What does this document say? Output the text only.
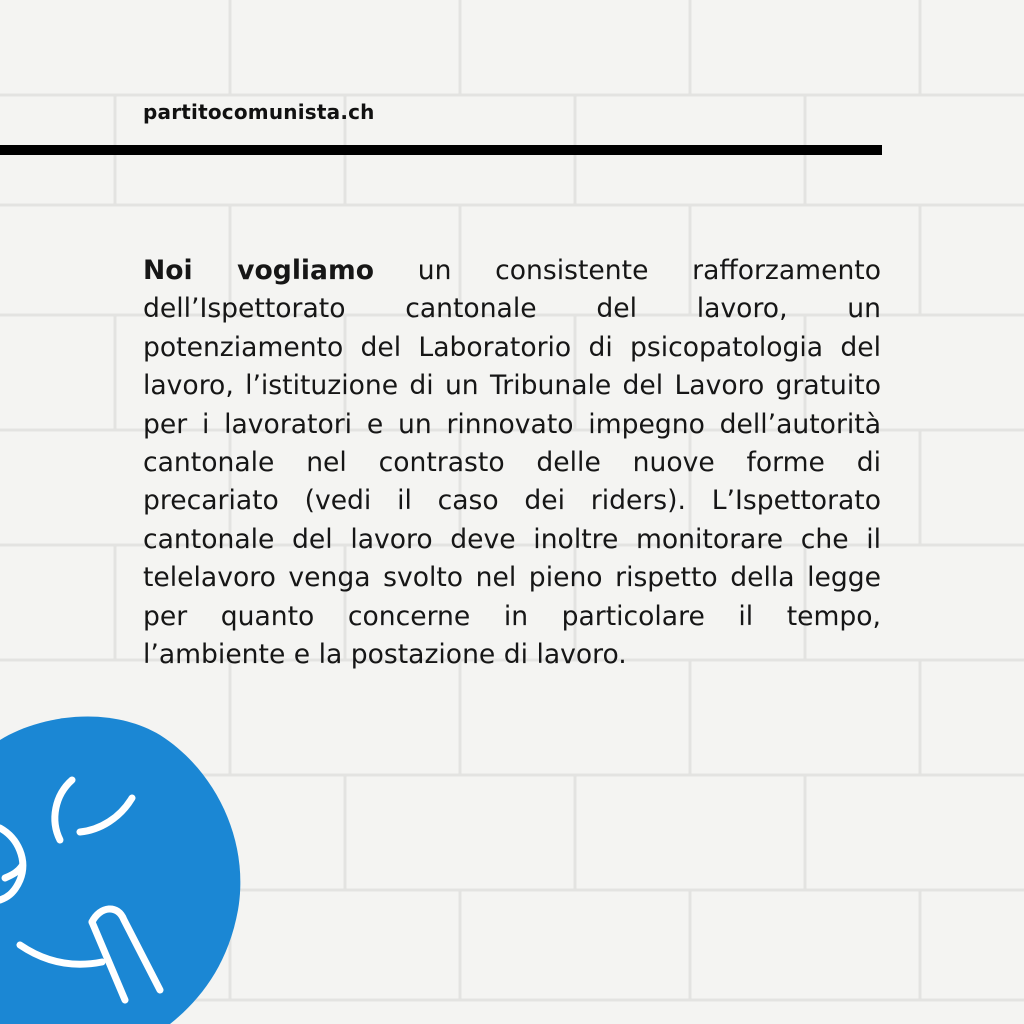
partitocomunista.ch

Noi vogliamo un consistente rafforzamento dell’Ispettorato cantonale del lavoro, un potenziamento del Laboratorio di psicopatologia del lavoro, l’istituzione di un Tribunale del Lavoro gratuito per i lavoratori e un rinnovato impegno dell’autorità cantonale nel contrasto delle nuove forme di precariato (vedi il caso dei riders). L’Ispettorato cantonale del lavoro deve inoltre monitorare che il telelavoro venga svolto nel pieno rispetto della legge per quanto concerne in particolare il tempo, l’ambiente e la postazione di lavoro.
